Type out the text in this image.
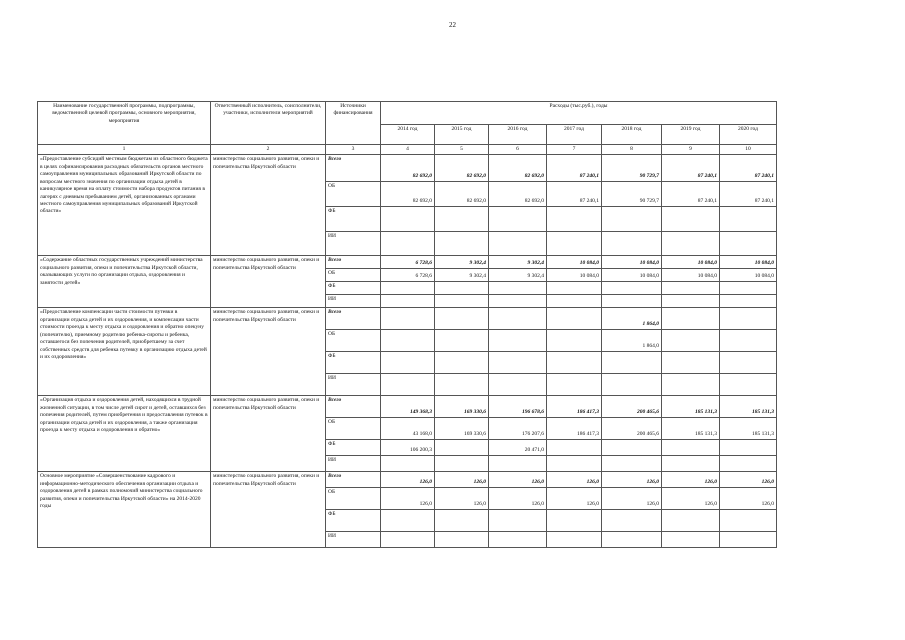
22
Наименование государственной программы, подпрограммы, ведомственной целевой программы, основного мероприятия, мероприятия	Ответственный исполнитель, соисполнители, участники, исполнители мероприятий	Источники финансирования	Расходы (тыс.руб.), годы						
			2014 год	2015 год	2016 год	2017 год	2018 год	2019 год	2020 год
1	2	3	4	5	6	7	8	9	10
«Предоставление субсидий местным бюджетам из областного бюджета в целях софинансирования расходных обязательств органов местного самоуправления муниципальных образований Иркутской области по вопросам местного значения по организации отдыха детей в каникулярное время на оплату стоимости набора продуктов питания в лагерях с дневным пребыванием детей, организованных органами местного самоуправления муниципальных образований Иркутской области»	министерство социального развития, опеки и попечительства Иркутской области	Всего	82 692,0	82 692,0	82 692,0	87 240,1	90 729,7	87 240,1	87 240,1
		ОБ	82 692,0	82 692,0	82 692,0	87 240,1	90 729,7	87 240,1	87 240,1
		ФБ							
		ИИ							
«Содержание областных государственных учреждений министерства социального развития, опеки и попечительства Иркутской области, оказывающих услуги по организации отдыха, оздоровления и занятости детей»	министерство социального развития, опеки и попечительства Иркутской области	Всего	6 728,6	9 302,4	9 302,4	10 084,0	10 084,0	10 084,0	10 084,0
		ОБ	6 728,6	9 302,4	9 302,4	10 084,0	10 084,0	10 084,0	10 084,0
		ФБ							
		ИИ							
«Предоставление компенсации части стоимости путевки в организации отдыха детей и их оздоровления, и компенсации части стоимости проезда к месту отдыха и оздоровления и обратно опекуну (попечителю), приемному родителю ребенка-сироты и ребенка, оставшегося без попечения родителей, приобретшему за счет собственных средств для ребенка путевку в организацию отдыха детей и их оздоровления»	министерство социального развития, опеки и попечительства Иркутской области	Всего					1 864,0		
		ОБ					1 864,0		
		ФБ							
		ИИ							
«Организация отдыха и оздоровления детей, находящихся в трудной жизненной ситуации, в том числе детей сирот и детей, оставшихся без попечения родителей, путем приобретения и предоставления путевок в организации отдыха детей и их оздоровления, а также организация проезда к месту отдыха и оздоровления и обратно»	министерство социального развития, опеки и попечительства Иркутской области	Всего	149 368,3	169 330,6	196 678,6	186 417,3	200 465,6	185 131,3	185 131,3
		ОБ	43 168,0	169 330,6	176 207,6	186 417,3	200 465,6	185 131,3	185 131,3
		ФБ	106 200,3		20 471,0				
		ИИ							
Основное мероприятие «Совершенствование кадрового и информационно-методического обеспечения организации отдыха и оздоровления детей в рамках полномочий министерства социального развития, опеки и попечительства Иркутской области» на 2014-2020 годы	министерство социального развития, опеки и попечительства Иркутской области	Всего	126,0	126,0	126,0	126,0	126,0	126,0	126,0
		ОБ	126,0	126,0	126,0	126,0	126,0	126,0	126,0
		ФБ							
		ИИ							
